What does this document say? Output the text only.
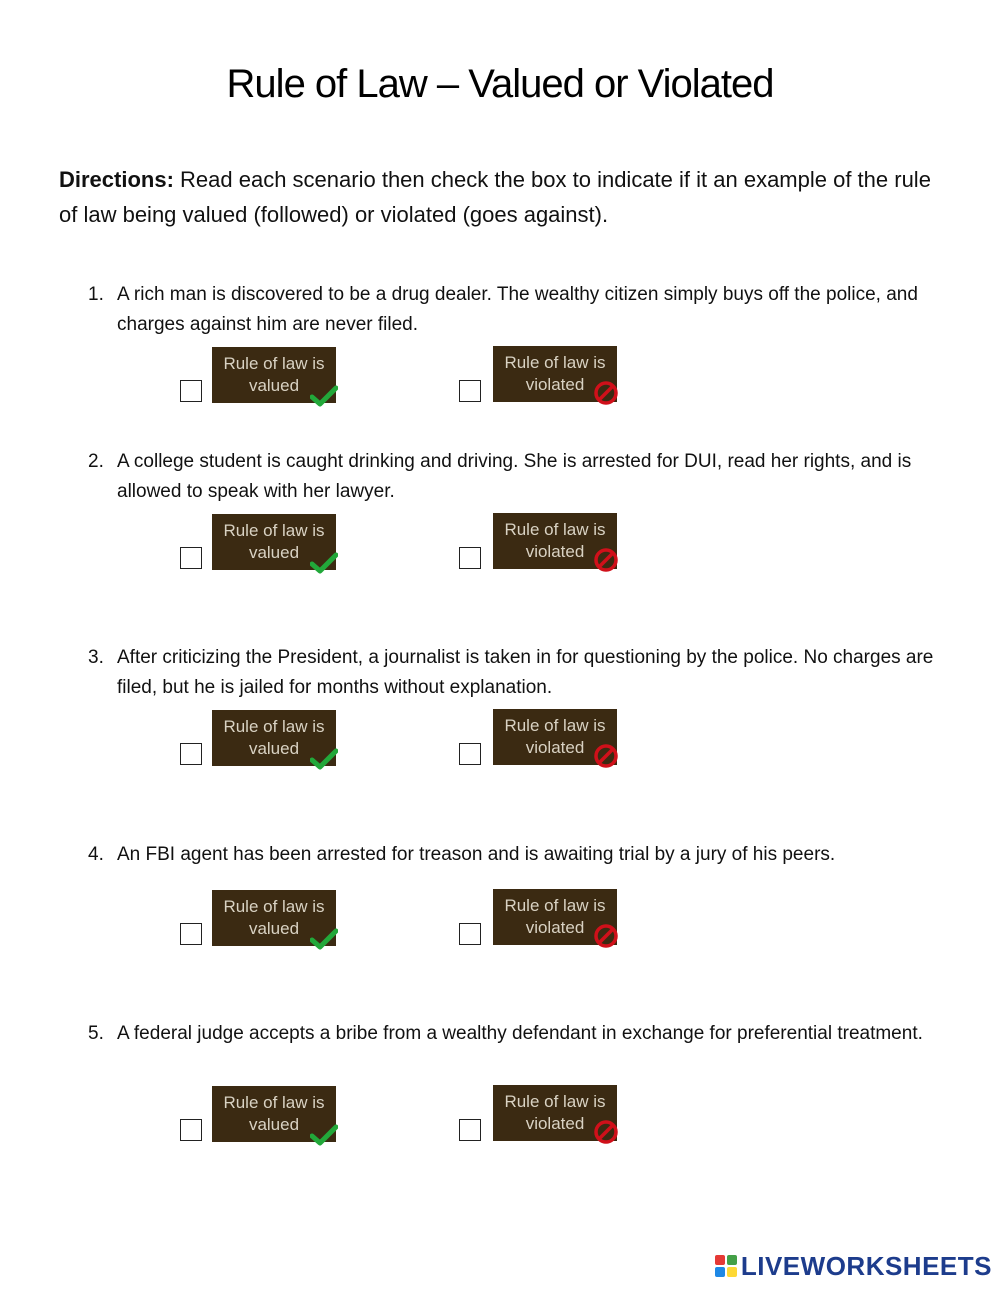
Rule of Law – Valued or Violated
Directions: Read each scenario then check the box to indicate if it an example of the rule of law being valued (followed) or violated (goes against).
1. A rich man is discovered to be a drug dealer. The wealthy citizen simply buys off the police, and charges against him are never filed.
Rule of law is
valued
Rule of law is
violated
2. A college student is caught drinking and driving. She is arrested for DUI, read her rights, and is allowed to speak with her lawyer.
Rule of law is
valued
Rule of law is
violated
3. After criticizing the President, a journalist is taken in for questioning by the police. No charges are filed, but he is jailed for months without explanation.
Rule of law is
valued
Rule of law is
violated
4. An FBI agent has been arrested for treason and is awaiting trial by a jury of his peers.
Rule of law is
valued
Rule of law is
violated
5. A federal judge accepts a bribe from a wealthy defendant in exchange for preferential treatment.
Rule of law is
valued
Rule of law is
violated
LIVEWORKSHEETS
